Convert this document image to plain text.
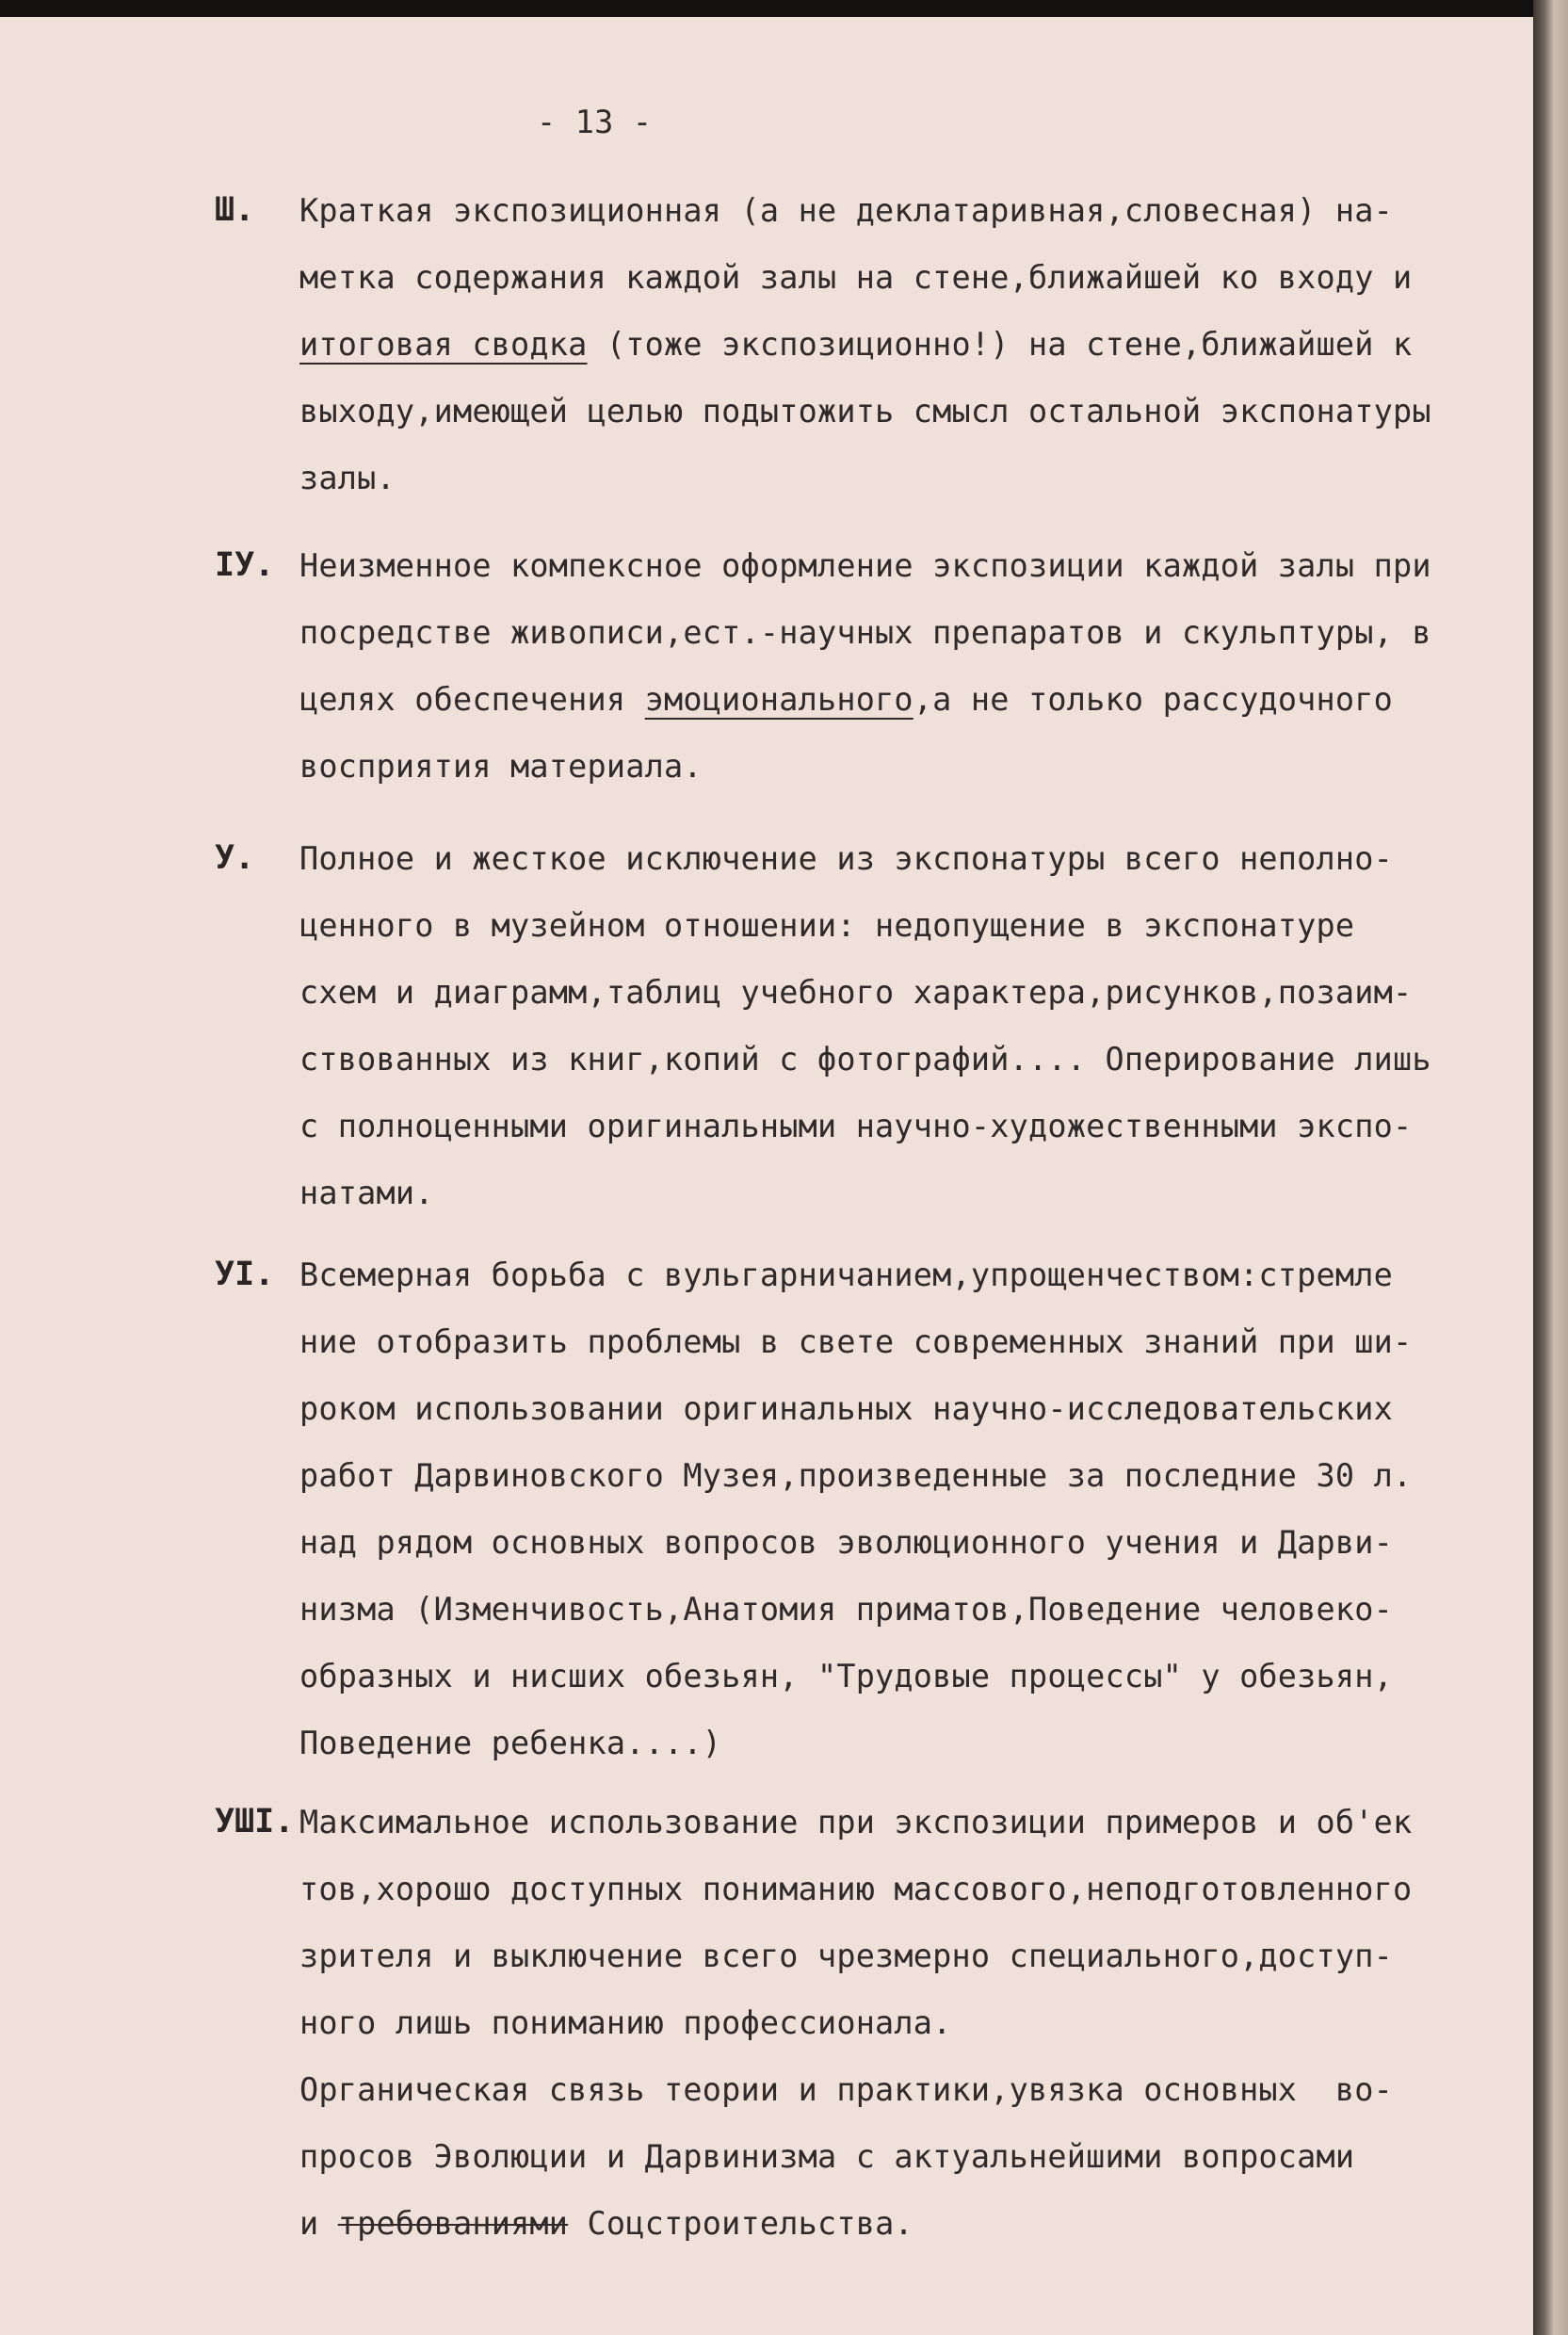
- 13 -
Ш.	Краткая экспозиционная (а не деклатаривная,словесная) на-
метка содержания каждой залы на стене,ближайшей ко входу и
итоговая сводка (тоже экспозиционно!) на стене,ближайшей к
выходу,имеющей целью подытожить смысл остальной экспонатуры
залы.
IУ. Неизменное компексное оформление экспозиции каждой залы при
посредстве живописи,ест.-научных препаратов и скульптуры, в
целях обеспечения эмоционального,а не только рассудочного
восприятия материала.
У.	Полное и жесткое исключение из экспонатуры всего неполно-
ценного в музейном отношении: недопущение в экспонатуре
схем и диаграмм,таблиц учебного характера,рисунков,позаим-
ствованных из книг,копий с фотографий.... Оперирование лишь
с полноценными оригинальными научно-художественными экспо-
натами.
УI. Всемерная борьба с вульгарничанием,упрощенчеством:стремле
ние отобразить проблемы в свете современных знаний при ши-
роком использовании оригинальных научно-исследовательских
работ Дарвиновского Музея,произведенные за последние 30 л.
над рядом основных вопросов эволюционного учения и Дарви-
низма (Изменчивость,Анатомия приматов,Поведение человеко-
образных и нисших обезьян, "Трудовые процессы" у обезьян,
Поведение ребенка....)
УШI. Максимальное использование при экспозиции примеров и об'ек
тов,хорошо доступных пониманию массового,неподготовленного
зрителя и выключение всего чрезмерно специального,доступ-
ного лишь пониманию профессионала.
Органическая связь теории и практики,увязка основных  во-
просов Эволюции и Дарвинизма с актуальнейшими вопросами
и требованиями Соцстроительства.
